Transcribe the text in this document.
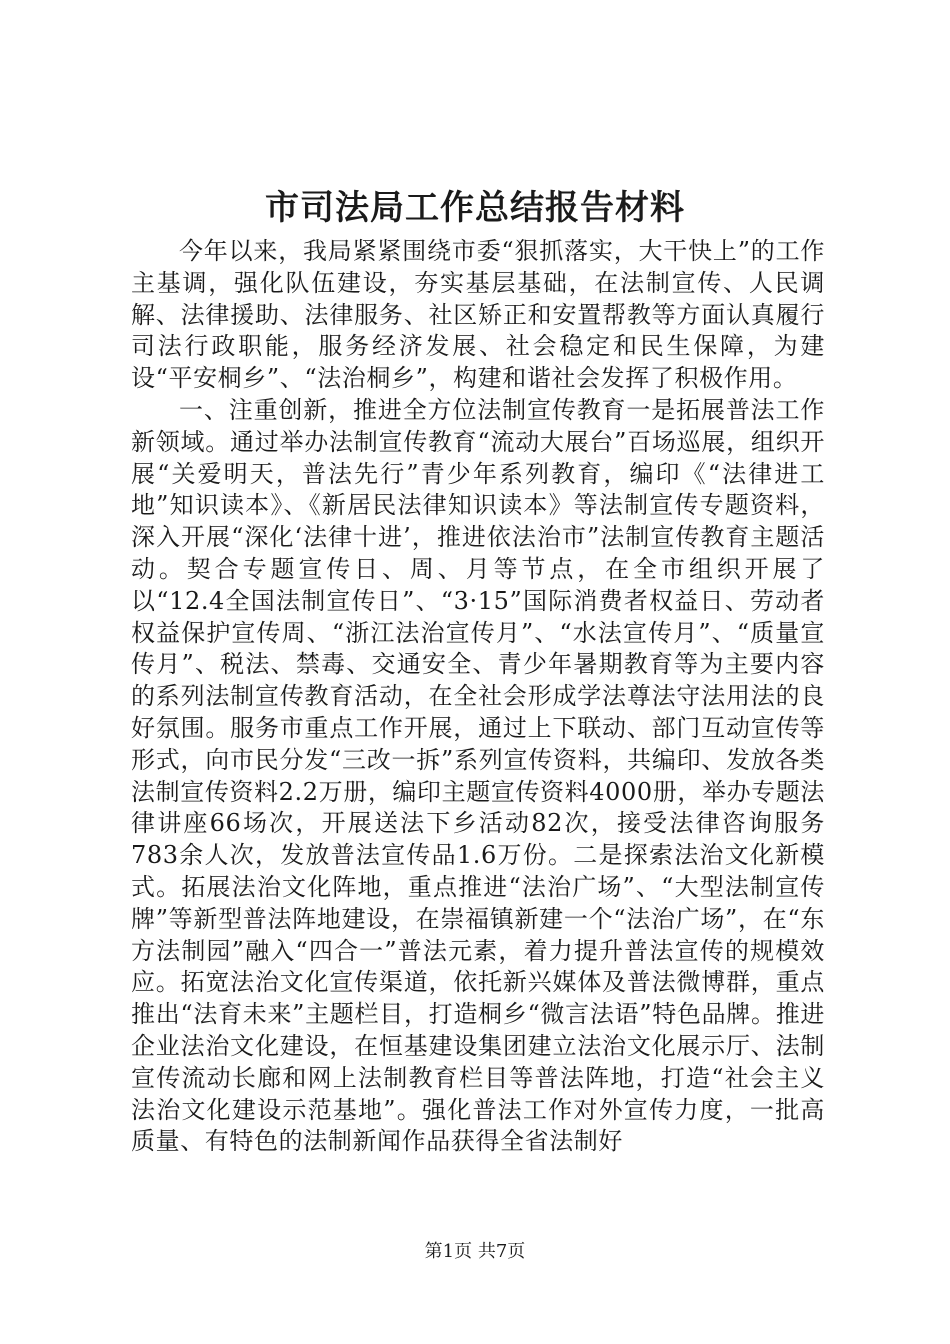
市司法局工作总结报告材料

今年以来，我局紧紧围绕市委“狠抓落实，大干快上”的工作主基调，强化队伍建设，夯实基层基础，在法制宣传、人民调解、法律援助、法律服务、社区矫正和安置帮教等方面认真履行司法行政职能，服务经济发展、社会稳定和民生保障，为建设“平安桐乡”、“法治桐乡”，构建和谐社会发挥了积极作用。

一、注重创新，推进全方位法制宣传教育一是拓展普法工作新领域。通过举办法制宣传教育“流动大展台”百场巡展，组织开展“关爱明天，普法先行”青少年系列教育，编印《“法律进工地”知识读本》、《新居民法律知识读本》等法制宣传专题资料，深入开展“深化‘法律十进’，推进依法治市”法制宣传教育主题活动。契合专题宣传日、周、月等节点，在全市组织开展了以“12.4全国法制宣传日”、“3·15”国际消费者权益日、劳动者权益保护宣传周、“浙江法治宣传月”、“水法宣传月”、“质量宣传月”、税法、禁毒、交通安全、青少年暑期教育等为主要内容的系列法制宣传教育活动，在全社会形成学法尊法守法用法的良好氛围。服务市重点工作开展，通过上下联动、部门互动宣传等形式，向市民分发“三改一拆”系列宣传资料，共编印、发放各类法制宣传资料2.2万册，编印主题宣传资料4000册，举办专题法律讲座66场次，开展送法下乡活动82次，接受法律咨询服务783余人次，发放普法宣传品1.6万份。二是探索法治文化新模式。拓展法治文化阵地，重点推进“法治广场”、“大型法制宣传牌”等新型普法阵地建设，在崇福镇新建一个“法治广场”，在“东方法制园”融入“四合一”普法元素，着力提升普法宣传的规模效应。拓宽法治文化宣传渠道，依托新兴媒体及普法微博群，重点推出“法育未来”主题栏目，打造桐乡“微言法语”特色品牌。推进企业法治文化建设，在恒基建设集团建立法治文化展示厅、法制宣传流动长廊和网上法制教育栏目等普法阵地，打造“社会主义法治文化建设示范基地”。强化普法工作对外宣传力度，一批高质量、有特色的法制新闻作品获得全省法制好

第1页 共7页
